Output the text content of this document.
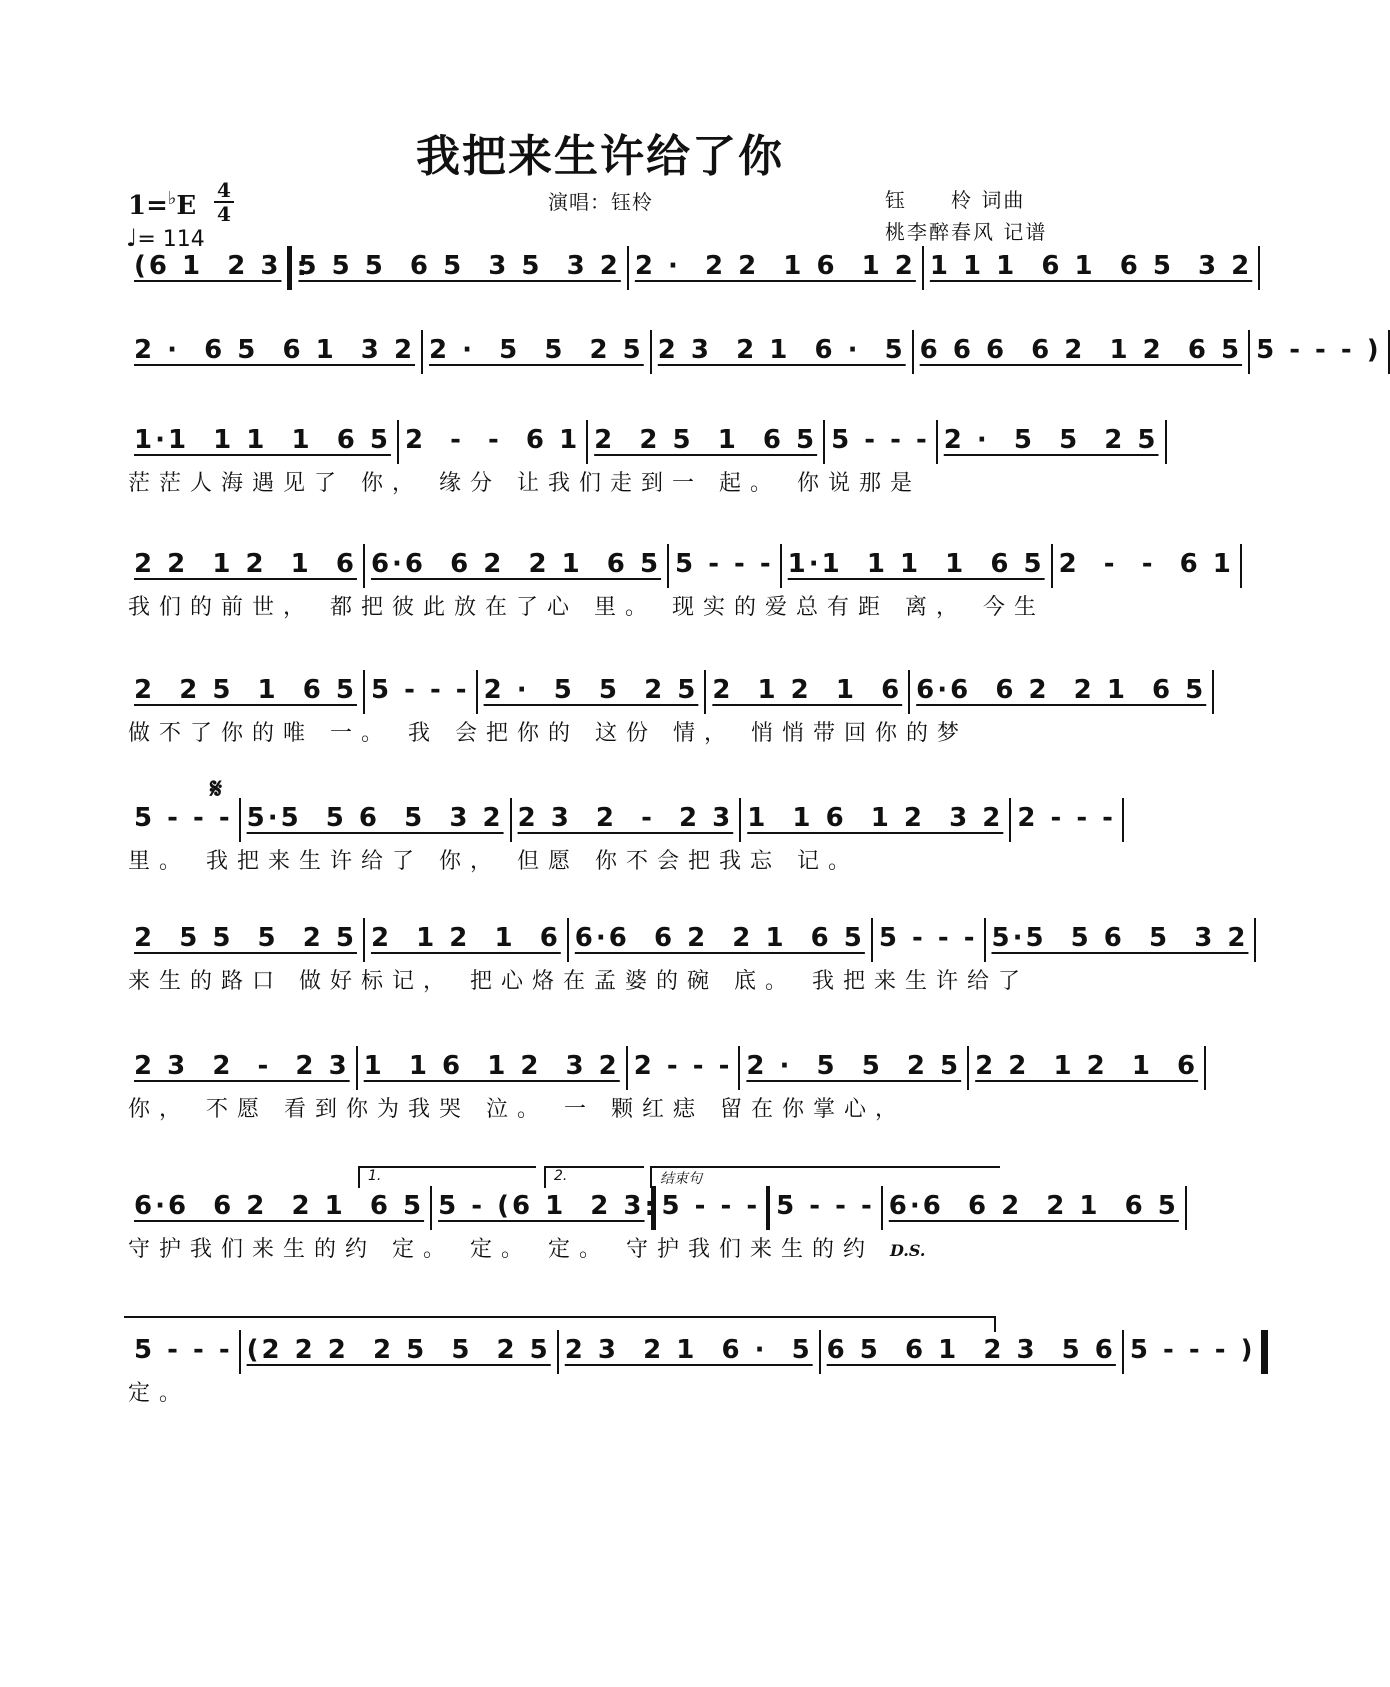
我把来生许给了你
1=♭E
4
4
♩= 114
演唱：钰柃	钰 柃 词曲
桃李醉春风 记谱
𝄋
1.	2.	结束句
(6 1  2 3 : 5 5 5  6 5  3 5  3 2 2 ·  2 2  1 6  1 2 1 1 1  6 1  6 5  3 2
2 ·  6 5  6 1  3 2 2 ·  5  5  2 5 2 3  2 1  6 ·  5 6 6 6  6 2  1 2  6 5 5 - - - )
1·1  1 1  1  6 5 2  -  -  6 1 2  2 5  1  6 5 5 - - - 2 ·  5  5  2 5
茫茫人海遇见了 你， 缘分 让我们走到一 起。 你说那是
2 2  1 2  1  6 6·6  6 2  2 1  6 5 5 - - - 1·1  1 1  1  6 5 2  -  -  6 1
我们的前世， 都把彼此放在了心 里。 现实的爱总有距 离， 今生
2  2 5  1  6 5 5 - - - 2 ·  5  5  2 5 2  1 2  1  6 6·6  6 2  2 1  6 5
做不了你的唯 一。 我 会把你的 这份 情， 悄悄带回你的梦
5 - - - 5·5  5 6  5  3 2 2 3  2  -  2 3 1  1 6  1 2  3 2 2 - - -
里。 我把来生许给了 你， 但愿 你不会把我忘 记。
2  5 5  5  2 5 2  1 2  1  6 6·6  6 2  2 1  6 5 5 - - - 5·5  5 6  5  3 2
来生的路口 做好标记， 把心烙在孟婆的碗 底。 我把来生许给了
2 3  2  -  2 3 1  1 6  1 2  3 2 2 - - - 2 ·  5  5  2 5 2 2  1 2  1  6
你， 不愿 看到你为我哭 泣。 一 颗红痣 留在你掌心，
6·6  6 2  2 1  6 5 5 - (6 1  2 3 : 5 - - - 5 - - - 6·6  6 2  2 1  6 5
守护我们来生的约 定。 定。 定。 守护我们来生的约 D.S.
5 - - - (2 2 2  2 5  5  2 5 2 3  2 1  6 ·  5 6 5  6 1  2 3  5 6 5 - - - )
定。
